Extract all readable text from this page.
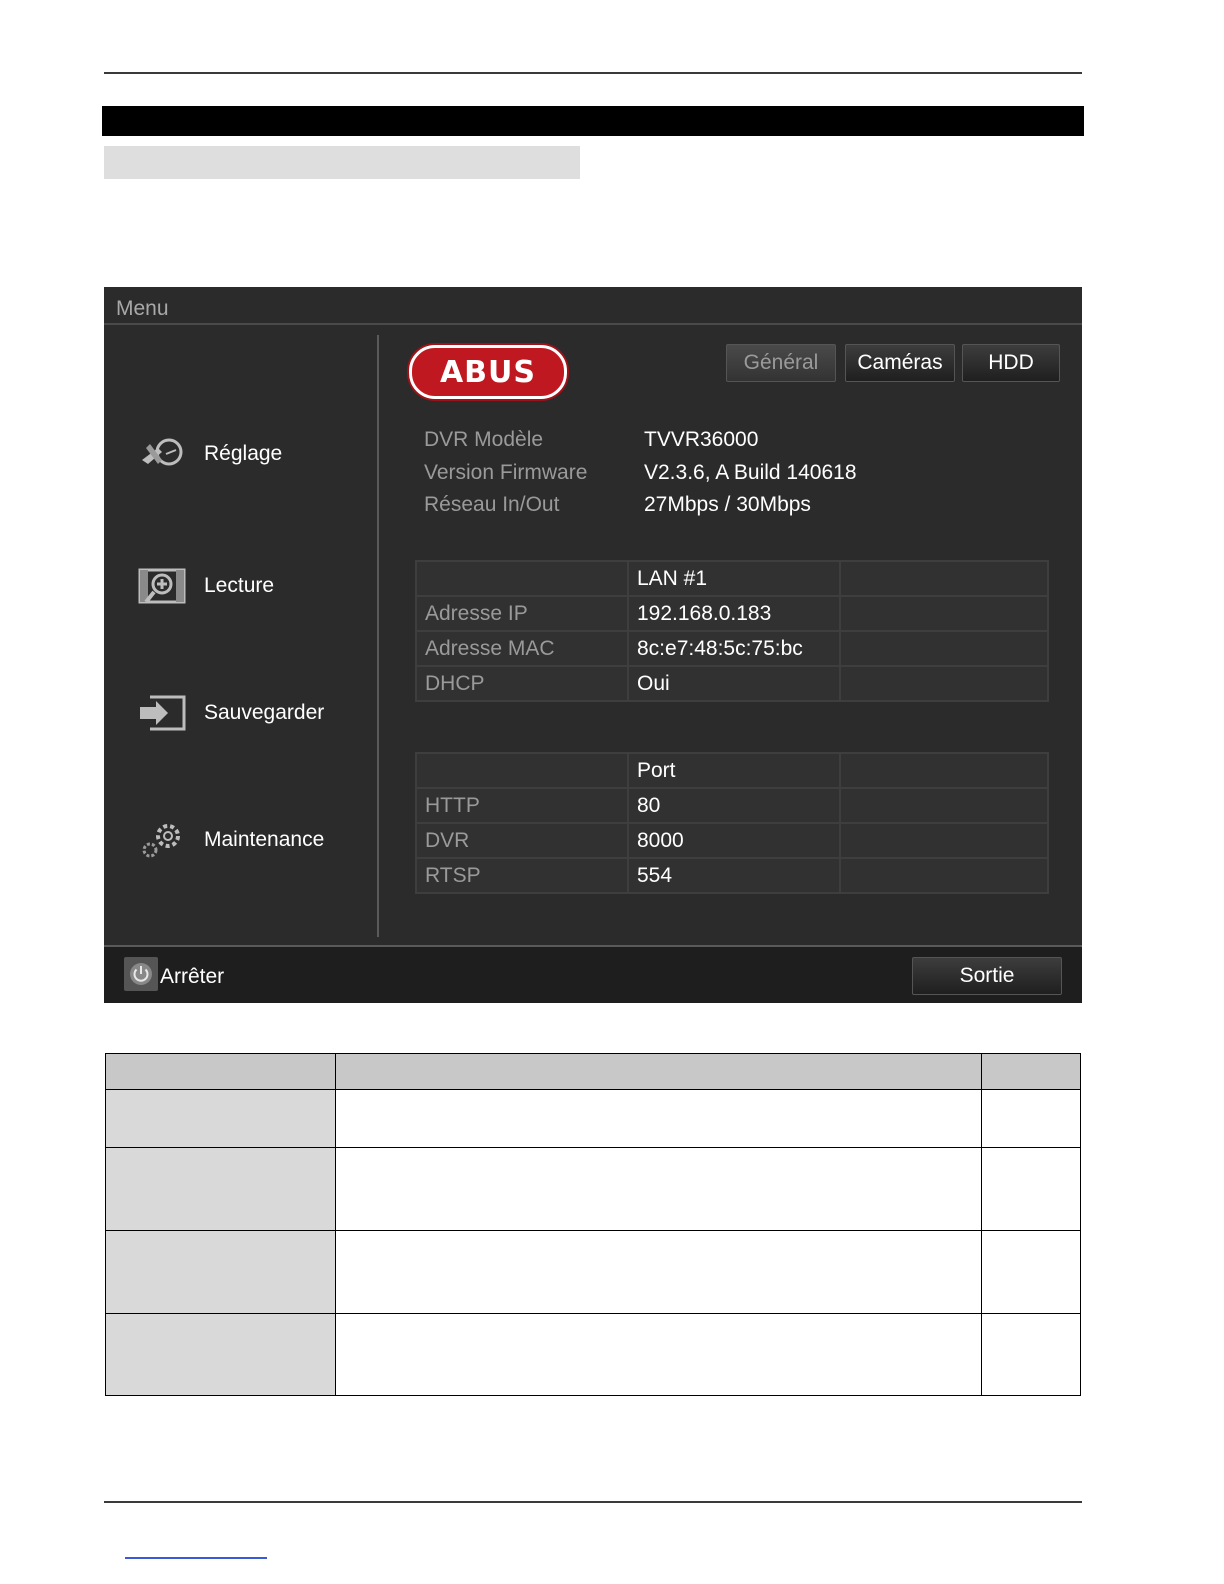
Menu
Réglage
Lecture
Sauvegarder
Maintenance
ABUS	Général	Caméras	HDD
DVR Modèle	TVVR36000
Version Firmware	V2.3.6, A Build 140618
Réseau In/Out	27Mbps / 30Mbps
	LAN #1	
Adresse IP	192.168.0.183	
Adresse MAC	8c:e7:48:5c:75:bc	
DHCP	Oui	
	Port	
HTTP	80	
DVR	8000	
RTSP	554	
Arrêter	Sortie
